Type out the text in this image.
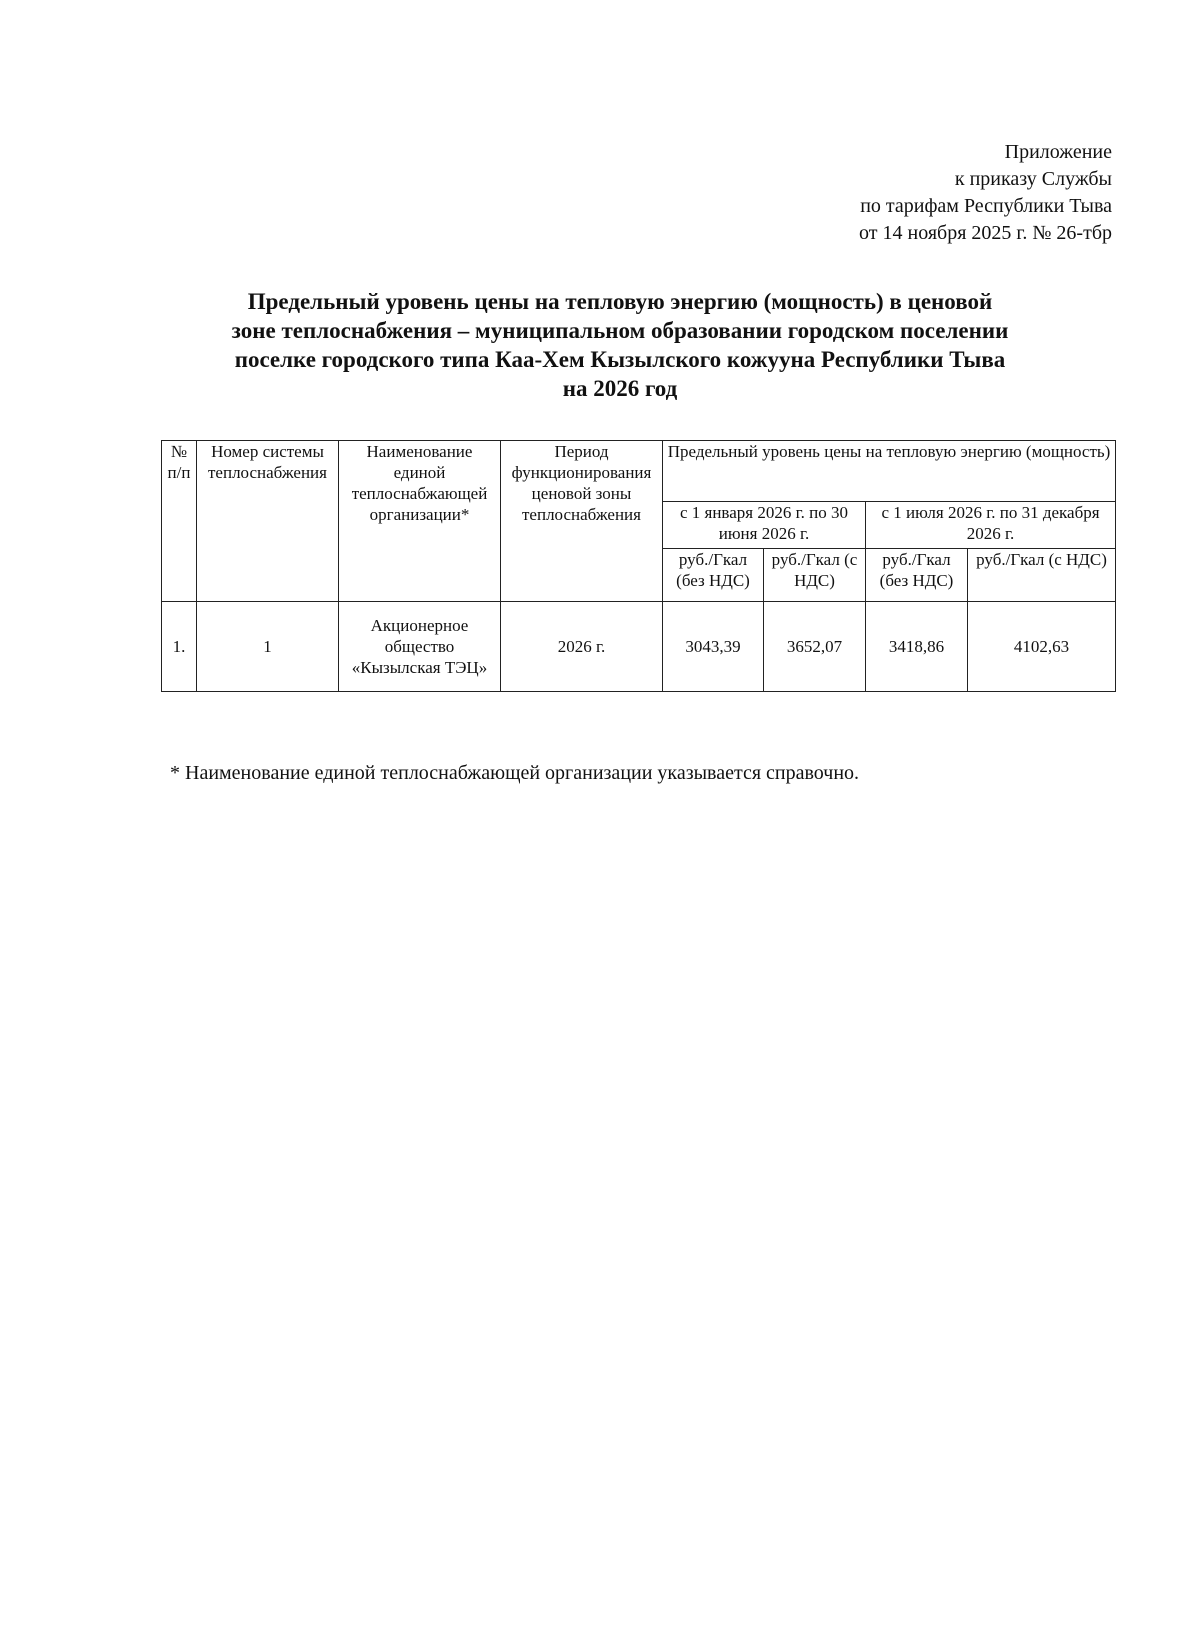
Приложение
к приказу Службы
по тарифам Республики Тыва
от 14 ноября 2025 г. № 26-тбр
Предельный уровень цены на тепловую энергию (мощность) в ценовой
зоне теплоснабжения – муниципальном образовании городском поселении
поселке городского типа Каа-Хем Кызылского кожууна Республики Тыва
на 2026 год
№ п/п	Номер системы теплоснабжения	Наименование единой теплоснабжающей организации*	Период функционирования ценовой зоны теплоснабжения	Предельный уровень цены на тепловую энергию (мощность)			
				с 1 января 2026 г. по 30 июня 2026 г.		с 1 июля 2026 г. по 31 декабря 2026 г.	
				руб./Гкал (без НДС)	руб./Гкал (с НДС)	руб./Гкал (без НДС)	руб./Гкал (с НДС)
1.	1	Акционерное общество «Кызылская ТЭЦ»	2026 г.	3043,39	3652,07	3418,86	4102,63
* Наименование единой теплоснабжающей организации указывается справочно.
